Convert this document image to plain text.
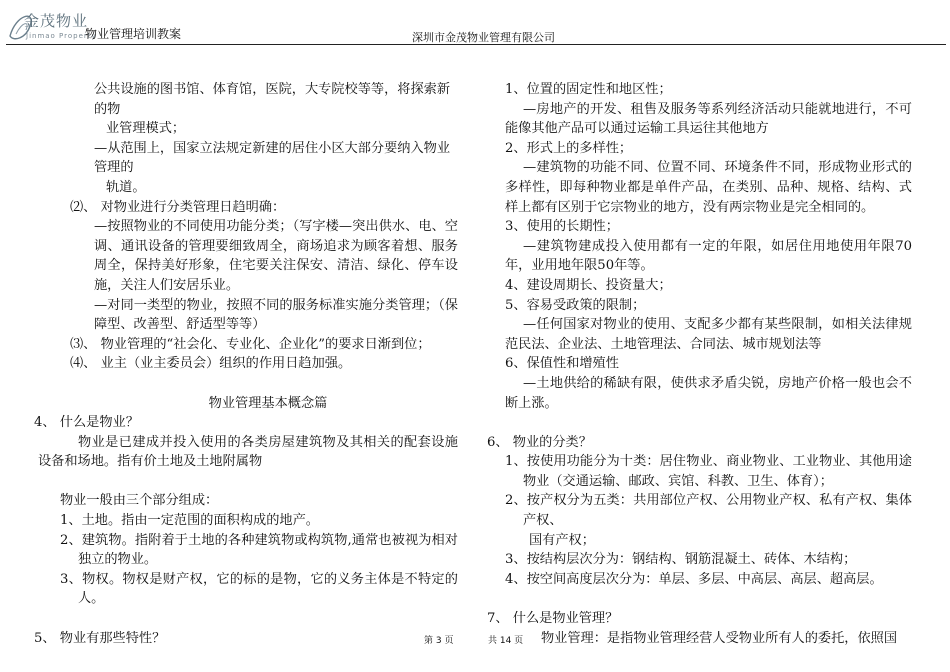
金茂物业
Jinmao Property
物业管理培训教案	深圳市金茂物业管理有限公司

公共设施的图书馆、体育馆，医院，大专院校等等，将探索新的物

业管理模式；

—从范围上，国家立法规定新建的居住小区大部分要纳入物业管理的

轨道。

⑵、 对物业进行分类管理日趋明确：

—按照物业的不同使用功能分类；（写字楼—突出供水、电、空调、通讯设备的管理要细致周全，商场追求为顾客着想、服务周全，保持美好形象，住宅要关注保安、清洁、绿化、停车设施，关注人们安居乐业。

—对同一类型的物业，按照不同的服务标准实施分类管理；（保障型、改善型、舒适型等等）

⑶、 物业管理的“社会化、专业化、企业化”的要求日渐到位；

⑷、 业主（业主委员会）组织的作用日趋加强。

物业管理基本概念篇

4、 什么是物业？

物业是已建成并投入使用的各类房屋建筑物及其相关的配套设施设备和场地。指有价土地及土地附属物

物业一般由三个部分组成：

1、土地。指由一定范围的面积构成的地产。

2、建筑物。指附着于土地的各种建筑物或构筑物,通常也被视为相对独立的物业。

3、物权。物权是财产权，它的标的是物，它的义务主体是不特定的人。

5、 物业有那些特性？

1、位置的固定性和地区性；

—房地产的开发、租售及服务等系列经济活动只能就地进行，不可能像其他产品可以通过运输工具运往其他地方

2、形式上的多样性；

—建筑物的功能不同、位置不同、环境条件不同，形成物业形式的多样性，即每种物业都是单件产品，在类别、品种、规格、结构、式样上都有区别于它宗物业的地方，没有两宗物业是完全相同的。

3、使用的长期性；

—建筑物建成投入使用都有一定的年限，如居住用地使用年限70年，业用地年限50年等。

4、建设周期长、投资量大；

5、容易受政策的限制；

—任何国家对物业的使用、支配多少都有某些限制，如相关法律规范民法、企业法、土地管理法、合同法、城市规划法等

6、保值性和增殖性

—土地供给的稀缺有限，使供求矛盾尖锐，房地产价格一般也会不断上涨。

6、 物业的分类？

1、按使用功能分为十类：居住物业、商业物业、工业物业、其他用途物业（交通运输、邮政、宾馆、科教、卫生、体育）；

2、按产权分为五类：共用部位产权、公用物业产权、私有产权、集体产权、

国有产权；

3、按结构层次分为：钢结构、钢筋混凝土、砖体、木结构；

4、按空间高度层次分为：单层、多层、中高层、高层、超高层。

7、 什么是物业管理？

物业管理：是指物业管理经营人受物业所有人的委托，依照国

第 3 页	共 14 页
